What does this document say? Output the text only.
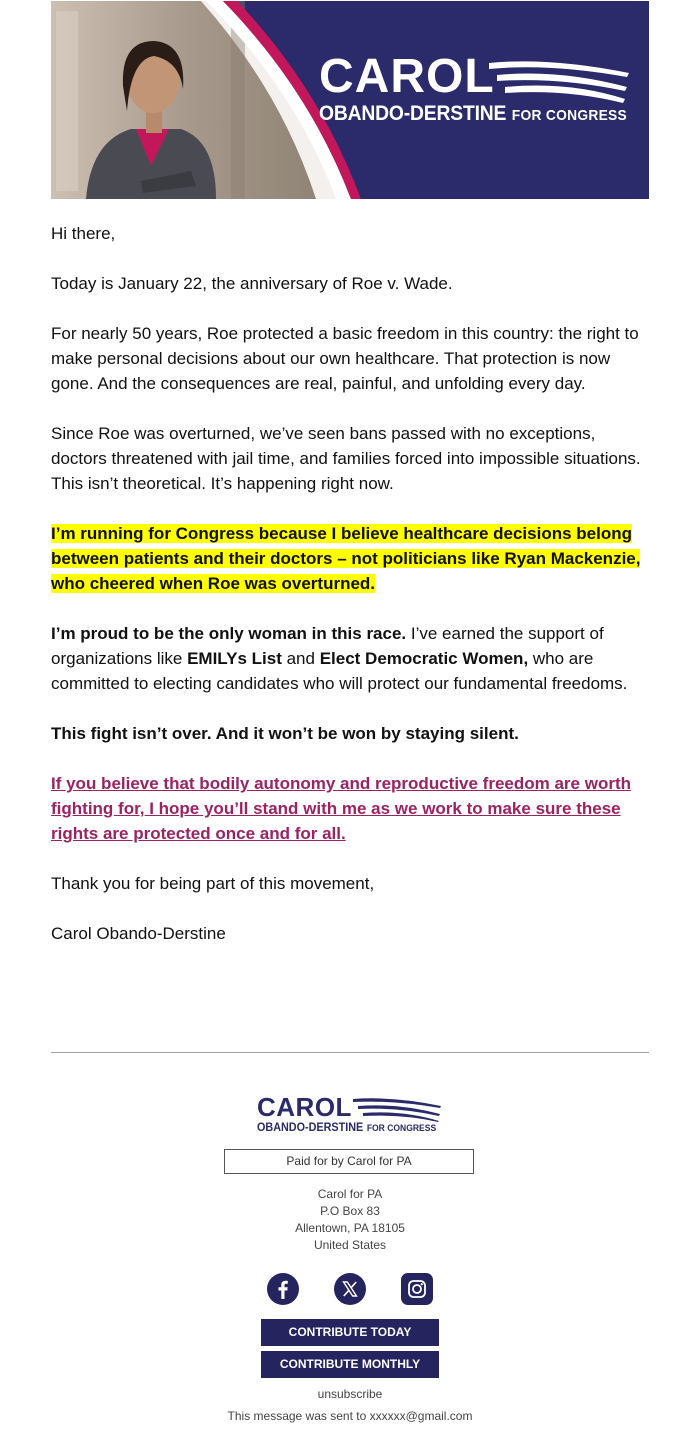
CAROL
OBANDO-DERSTINE FOR CONGRESS

Hi there,

Today is January 22, the anniversary of Roe v. Wade.

For nearly 50 years, Roe protected a basic freedom in this country: the right to make personal decisions about our own healthcare. That protection is now gone. And the consequences are real, painful, and unfolding every day.

Since Roe was overturned, we’ve seen bans passed with no exceptions, doctors threatened with jail time, and families forced into impossible situations. This isn’t theoretical. It’s happening right now.

I’m running for Congress because I believe healthcare decisions belong between patients and their doctors – not politicians like Ryan Mackenzie, who cheered when Roe was overturned.

I’m proud to be the only woman in this race. I’ve earned the support of organizations like EMILYs List and Elect Democratic Women, who are committed to electing candidates who will protect our fundamental freedoms.

This fight isn’t over. And it won’t be won by staying silent.

If you believe that bodily autonomy and reproductive freedom are worth fighting for, I hope you’ll stand with me as we work to make sure these rights are protected once and for all.

Thank you for being part of this movement,

Carol Obando-Derstine

CAROL
OBANDO-DERSTINE FOR CONGRESS
Paid for by Carol for PA
Carol for PA
P.O Box 83
Allentown, PA 18105
United States
CONTRIBUTE TODAY
CONTRIBUTE MONTHLY
unsubscribe
This message was sent to xxxxxx@gmail.com
